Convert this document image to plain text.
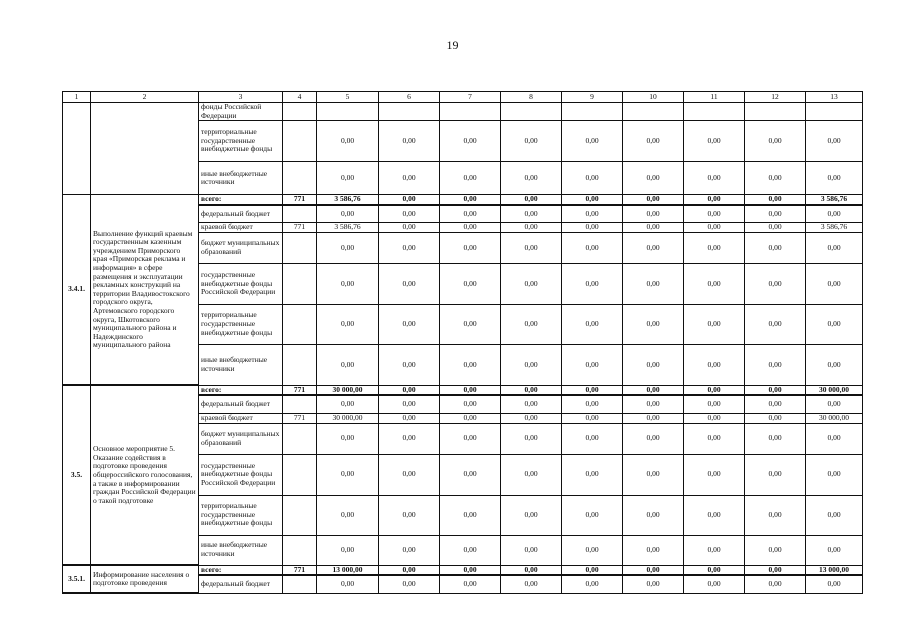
19
1	2	3	4	5	6	7	8	9	10	11	12	13
		фонды Российской Федерации										
		территориальные государственные внебюджетные фонды		0,00	0,00	0,00	0,00	0,00	0,00	0,00	0,00	0,00
		иные внебюджетные источники		0,00	0,00	0,00	0,00	0,00	0,00	0,00	0,00	0,00
3.4.1.	Выполнение функций краевым государственным казенным учреждением Приморского края «Приморская реклама и информация» в сфере размещения и эксплуатации рекламных конструкций на территории Владивостокского городского округа, Артемовского городского округа, Шкотовского муниципального района и Надеждинского муниципального района	всего:	771	3 586,76	0,00	0,00	0,00	0,00	0,00	0,00	0,00	3 586,76
		федеральный бюджет		0,00	0,00	0,00	0,00	0,00	0,00	0,00	0,00	0,00
		краевой бюджет	771	3 586,76	0,00	0,00	0,00	0,00	0,00	0,00	0,00	3 586,76
		бюджет муниципальных образований		0,00	0,00	0,00	0,00	0,00	0,00	0,00	0,00	0,00
		государственные внебюджетные фонды Российской Федерации		0,00	0,00	0,00	0,00	0,00	0,00	0,00	0,00	0,00
		территориальные государственные внебюджетные фонды		0,00	0,00	0,00	0,00	0,00	0,00	0,00	0,00	0,00
		иные внебюджетные источники		0,00	0,00	0,00	0,00	0,00	0,00	0,00	0,00	0,00
3.5.	Основное мероприятие 5. Оказание содействия в подготовке проведения общероссийского голосования, а также в информировании граждан Российской Федерации о такой подготовке	всего:	771	30 000,00	0,00	0,00	0,00	0,00	0,00	0,00	0,00	30 000,00
		федеральный бюджет		0,00	0,00	0,00	0,00	0,00	0,00	0,00	0,00	0,00
		краевой бюджет	771	30 000,00	0,00	0,00	0,00	0,00	0,00	0,00	0,00	30 000,00
		бюджет муниципальных образований		0,00	0,00	0,00	0,00	0,00	0,00	0,00	0,00	0,00
		государственные внебюджетные фонды Российской Федерации		0,00	0,00	0,00	0,00	0,00	0,00	0,00	0,00	0,00
		территориальные государственные внебюджетные фонды		0,00	0,00	0,00	0,00	0,00	0,00	0,00	0,00	0,00
		иные внебюджетные источники		0,00	0,00	0,00	0,00	0,00	0,00	0,00	0,00	0,00
3.5.1.	Информирование населения о подготовке проведения	всего:	771	13 000,00	0,00	0,00	0,00	0,00	0,00	0,00	0,00	13 000,00
		федеральный бюджет		0,00	0,00	0,00	0,00	0,00	0,00	0,00	0,00	0,00
